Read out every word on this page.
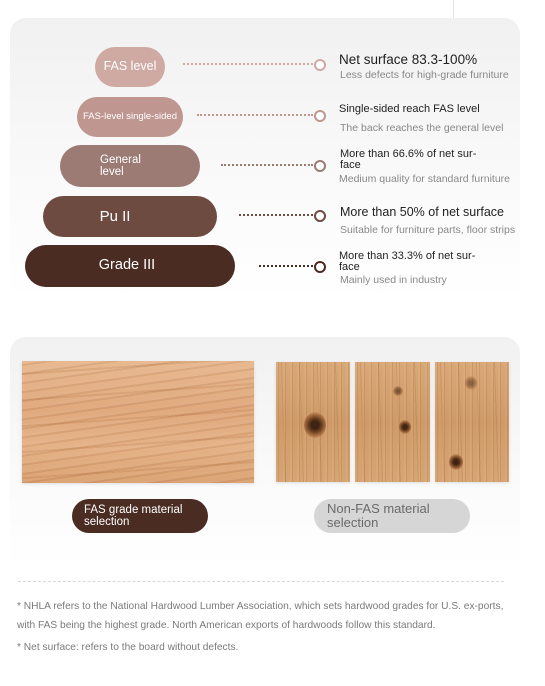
FAS level	Net surface 83.3-100%
Less defects for high-grade furniture
FAS-level single-sided
Single-sided reach FAS level
The back reaches the general level
General
level
More than 66.6% of net sur-
face
Medium quality for standard furniture
Pu II	More than 50% of net surface
Suitable for furniture parts, floor strips
Grade III
More than 33.3% of net sur-
face
Mainly used in industry
FAS grade material
selection
Non-FAS material
selection
* NHLA refers to the National Hardwood Lumber Association, which sets hardwood grades for U.S. ex-ports, with FAS being the highest grade. North American exports of hardwoods follow this standard.
* Net surface: refers to the board without defects.
